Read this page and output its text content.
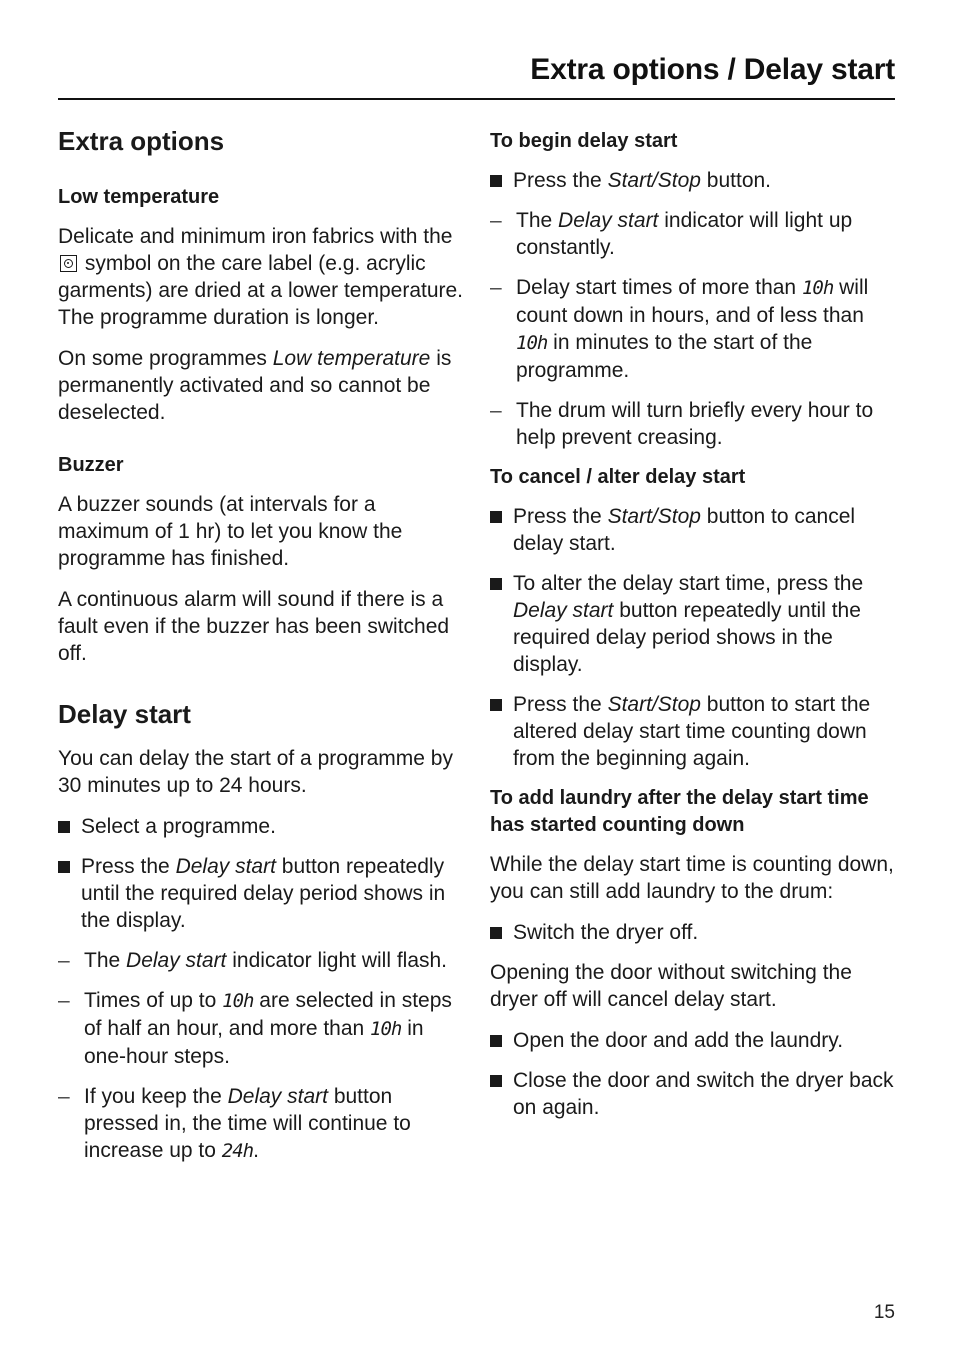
Extra options / Delay start
Extra options
Low temperature

Delicate and minimum iron fabrics with the  symbol on the care label (e.g. acrylic garments) are dried at a lower temperature. The programme duration is longer.

On some programmes Low temperature is permanently activated and so cannot be deselected.

Buzzer

A buzzer sounds (at intervals for a maximum of 1 hr) to let you know the programme has finished.

A continuous alarm will sound if there is a fault even if the buzzer has been switched off.

Delay start

You can delay the start of a programme by 30 minutes up to 24 hours.

Select a programme.
Press the Delay start button repeatedly until the required delay period shows in the display.
– The Delay start indicator light will flash.
– Times of up to 10h are selected in steps of half an hour, and more than 10h in one-hour steps.
– If you keep the Delay start button pressed in, the time will continue to increase up to 24h.
To begin delay start
Press the Start/Stop button.
– The Delay start indicator will light up constantly.
– Delay start times of more than 10h will count down in hours, and of less than 10h in minutes to the start of the programme.
– The drum will turn briefly every hour to help prevent creasing.
To cancel / alter delay start
Press the Start/Stop button to cancel delay start.
To alter the delay start time, press the Delay start button repeatedly until the required delay period shows in the display.
Press the Start/Stop button to start the altered delay start time counting down from the beginning again.
To add laundry after the delay start time has started counting down

While the delay start time is counting down, you can still add laundry to the drum:

Switch the dryer off.

Opening the door without switching the dryer off will cancel delay start.

Open the door and add the laundry.
Close the door and switch the dryer back on again.
15
